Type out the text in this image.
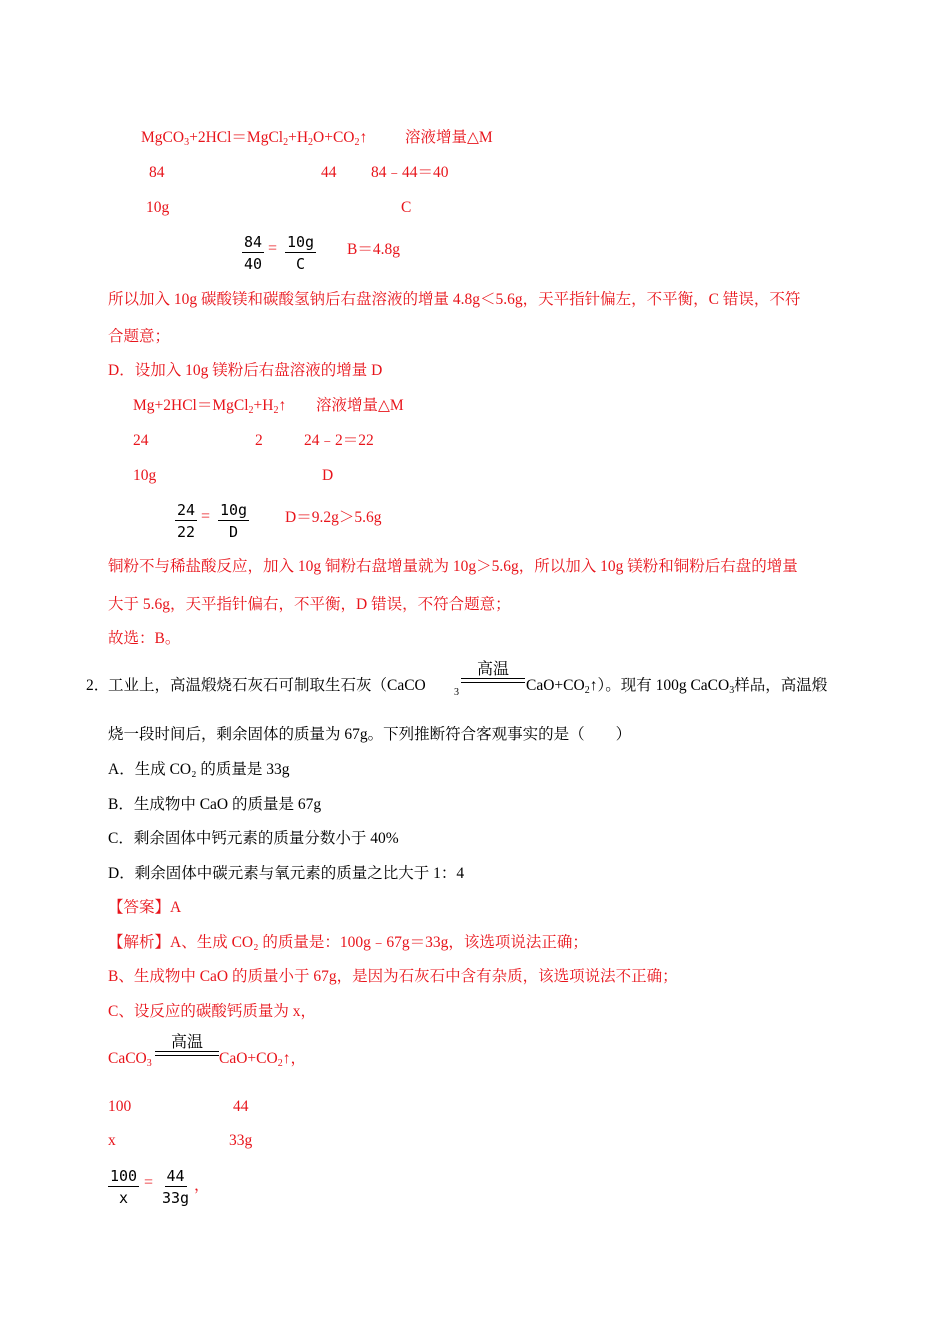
$MgCO_3+2HCl=MgCl_2+H_2O+CO_2↑$ 溶液增量△M
84	44 84﹣44＝40
10g	C
$\frac{84}{40} = \frac{10g}{C} B=4.8g$
所以加入 10g 碳酸镁和碳酸氢钠后右盘溶液的增量 4.8g＜5.6g，天平指针偏左，不平衡，C 错误，不符
合题意；
D．设加入 10g 镁粉后右盘溶液的增量 D
$Mg+2HCl=MgCl_2+H_2↑$ 溶液增量△M
24	2	24﹣2＝22
10g	D
$\frac{24}{22} = \frac{10g}{D} D=9.2g>5.6g$
铜粉不与稀盐酸反应，加入 10g 铜粉右盘增量就为 10g＞5.6g，所以加入 10g 镁粉和铜粉后右盘的增量
大于 5.6g，天平指针偏右，不平衡，D 错误，不符合题意；
故选：B。
2．
工业上，高温煅烧石灰石可制取生石灰（CaCO	3
高温
$CaO+CO_2↑$）。现有 100g CaCO$_3$样品，高温煅
烧一段时间后，剩余固体的质量为 67g。下列推断符合客观事实的是（　　）
A．生成 CO₂ 的质量是 33g
B．生成物中 CaO 的质量是 67g
C．剩余固体中钙元素的质量分数小于 40%
D．剩余固体中碳元素与氧元素的质量之比大于 1：4
【答案】A
【解析】A、生成 CO₂ 的质量是：100g﹣67g＝33g，该选项说法正确；
B、生成物中 CaO 的质量小于 67g，是因为石灰石中含有杂质，该选项说法不正确；
C、设反应的碳酸钙质量为 x，
CaCO$_3$
高温
$CaO+CO_2↑$，
100	44
x	33g
$\frac{100}{x} = \frac{44}{33g}$ ，
